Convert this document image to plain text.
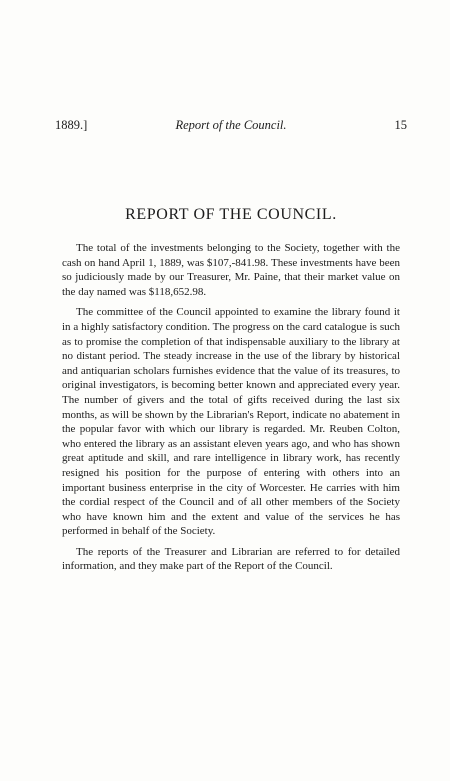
1889.]	Report of the Council.	15
REPORT OF THE COUNCIL.

The total of the investments belonging to the Society, together with the cash on hand April 1, 1889, was $107,-841.98. These investments have been so judiciously made by our Treasurer, Mr. Paine, that their market value on the day named was $118,652.98.

The committee of the Council appointed to examine the library found it in a highly satisfactory condition. The progress on the card catalogue is such as to promise the completion of that indispensable auxiliary to the library at no distant period. The steady increase in the use of the library by historical and antiquarian scholars furnishes evidence that the value of its treasures, to original investigators, is becoming better known and appreciated every year. The number of givers and the total of gifts received during the last six months, as will be shown by the Librarian's Report, indicate no abatement in the popular favor with which our library is regarded. Mr. Reuben Colton, who entered the library as an assistant eleven years ago, and who has shown great aptitude and skill, and rare intelligence in library work, has recently resigned his position for the purpose of entering with others into an important business enterprise in the city of Worcester. He carries with him the cordial respect of the Council and of all other members of the Society who have known him and the extent and value of the services he has performed in behalf of the Society.

The reports of the Treasurer and Librarian are referred to for detailed information, and they make part of the Report of the Council.
